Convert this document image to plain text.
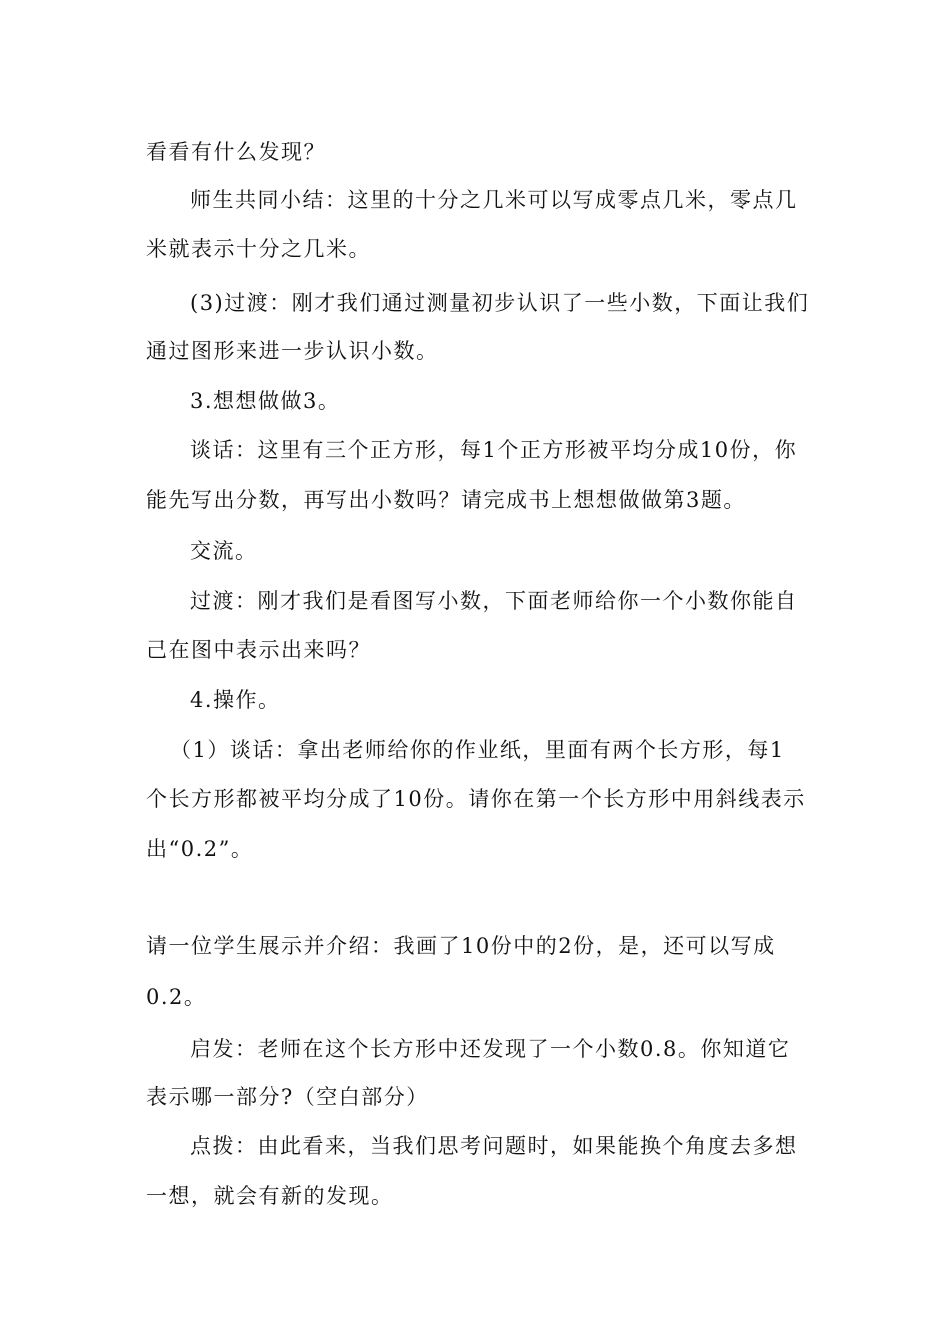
看看有什么发现？
师生共同小结：这里的十分之几米可以写成零点几米，零点几
米就表示十分之几米。
(3)过渡：刚才我们通过测量初步认识了一些小数，下面让我们
通过图形来进一步认识小数。
3.想想做做3。
谈话：这里有三个正方形，每1个正方形被平均分成10份，你
能先写出分数，再写出小数吗？请完成书上想想做做第3题。
交流。
过渡：刚才我们是看图写小数，下面老师给你一个小数你能自
己在图中表示出来吗？
4.操作。
（1）谈话：拿出老师给你的作业纸，里面有两个长方形，每1
个长方形都被平均分成了10份。请你在第一个长方形中用斜线表示
出“0.2”。
请一位学生展示并介绍：我画了10份中的2份，是，还可以写成
0.2。
启发：老师在这个长方形中还发现了一个小数0.8。你知道它
表示哪一部分?（空白部分）
点拨：由此看来，当我们思考问题时，如果能换个角度去多想
一想，就会有新的发现。
